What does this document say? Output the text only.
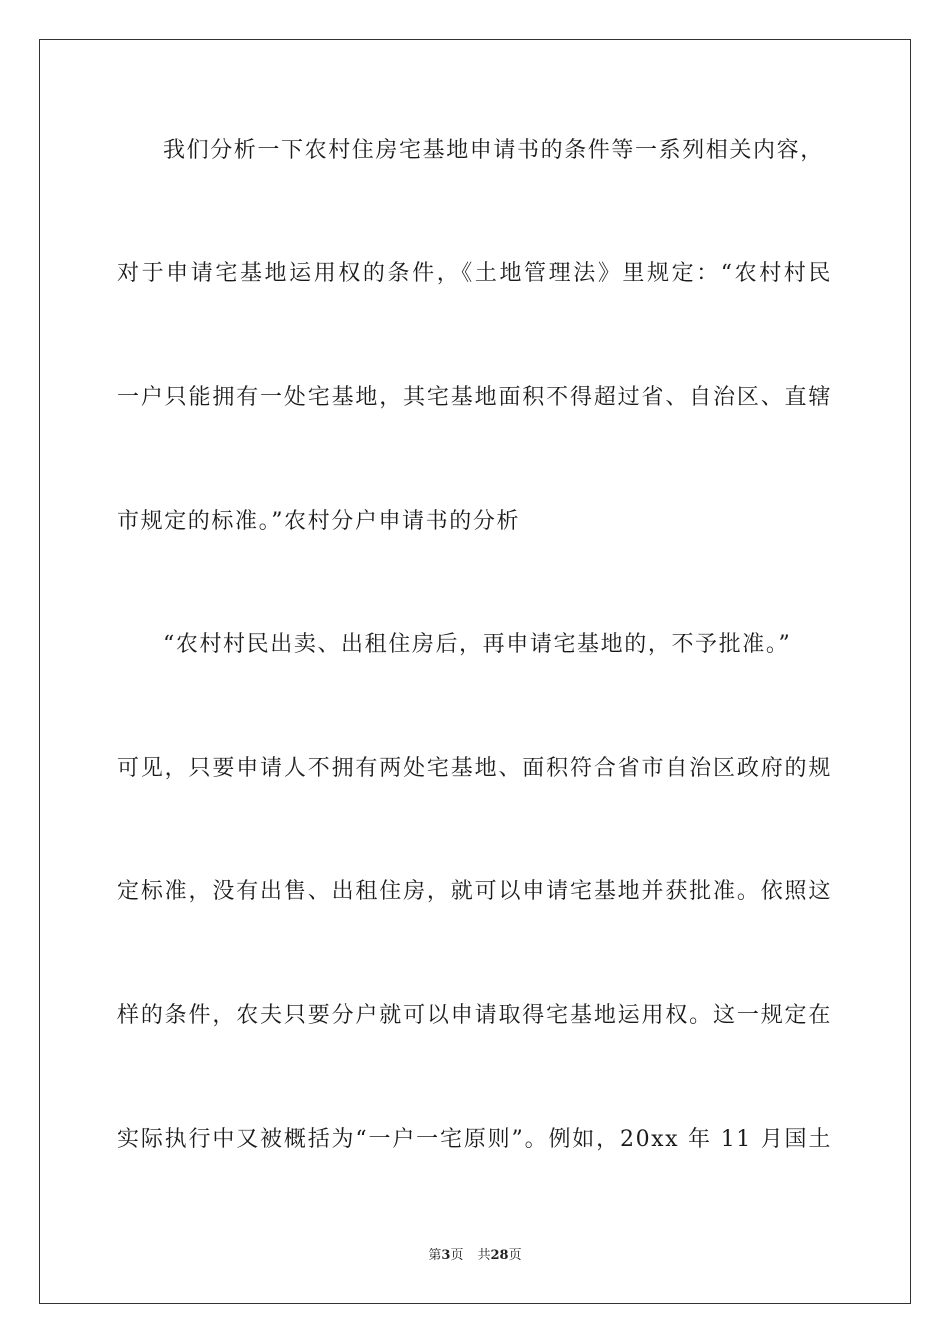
我们分析一下农村住房宅基地申请书的条件等一系列相关内容，
对于申请宅基地运用权的条件，《土地管理法》里规定：“农村村民
一户只能拥有一处宅基地，其宅基地面积不得超过省、自治区、直辖
市规定的标准。”农村分户申请书的分析
“农村村民出卖、出租住房后，再申请宅基地的，不予批准。”
可见，只要申请人不拥有两处宅基地、面积符合省市自治区政府的规
定标准，没有出售、出租住房，就可以申请宅基地并获批准。依照这
样的条件，农夫只要分户就可以申请取得宅基地运用权。这一规定在
实际执行中又被概括为“一户一宅原则”。例如，20xx 年 11 月国土
第3页 共28页
